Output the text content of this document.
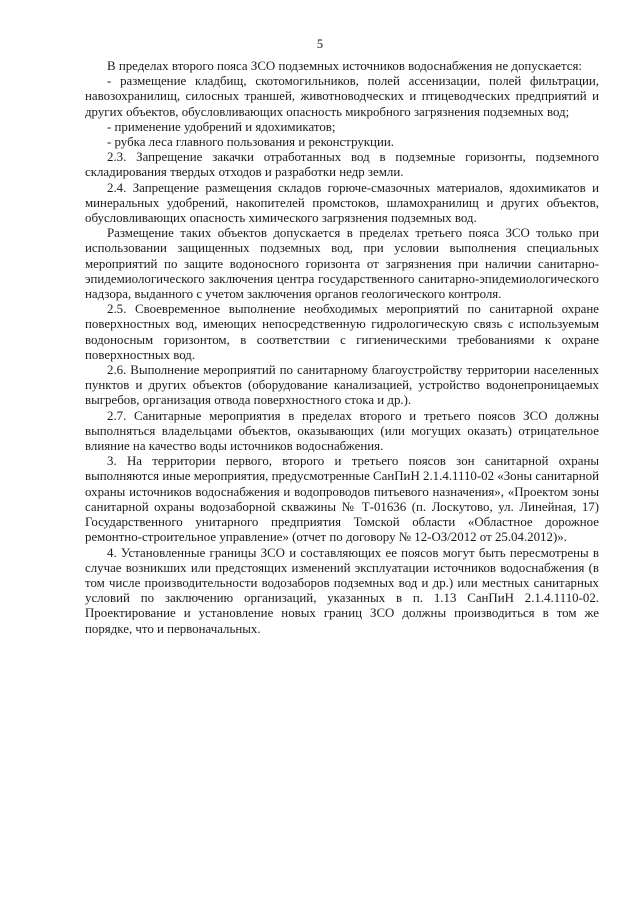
5

В пределах второго пояса ЗСО подземных источников водоснабжения не допускается:

- размещение кладбищ, скотомогильников, полей ассенизации, полей фильтрации, навозохранилищ, силосных траншей, животноводческих и птицеводческих предприятий и других объектов, обусловливающих опасность микробного загрязнения подземных вод;

- применение удобрений и ядохимикатов;

- рубка леса главного пользования и реконструкции.

2.3. Запрещение закачки отработанных вод в подземные горизонты, подземного складирования твердых отходов и разработки недр земли.

2.4. Запрещение размещения складов горюче-смазочных материалов, ядохимикатов и минеральных удобрений, накопителей промстоков, шламохранилищ и других объектов, обусловливающих опасность химического загрязнения подземных вод.

Размещение таких объектов допускается в пределах третьего пояса ЗСО только при использовании защищенных подземных вод, при условии выполнения специальных мероприятий по защите водоносного горизонта от загрязнения при наличии санитарно-эпидемиологического заключения центра государственного санитарно-эпидемиологического надзора, выданного с учетом заключения органов геологического контроля.

2.5. Своевременное выполнение необходимых мероприятий по санитарной охране поверхностных вод, имеющих непосредственную гидрологическую связь с используемым водоносным горизонтом, в соответствии с гигиеническими требованиями к охране поверхностных вод.

2.6. Выполнение мероприятий по санитарному благоустройству территории населенных пунктов и других объектов (оборудование канализацией, устройство водонепроницаемых выгребов, организация отвода поверхностного стока и др.).

2.7. Санитарные мероприятия в пределах второго и третьего поясов ЗСО должны выполняться владельцами объектов, оказывающих (или могущих оказать) отрицательное влияние на качество воды источников водоснабжения.

3. На территории первого, второго и третьего поясов зон санитарной охраны выполняются иные мероприятия, предусмотренные СанПиН 2.1.4.1110-02 «Зоны санитарной охраны источников водоснабжения и водопроводов питьевого назначения», «Проектом зоны санитарной охраны водозаборной скважины № Т-01636 (п. Лоскутово, ул. Линейная, 17) Государственного унитарного предприятия Томской области «Областное дорожное ремонтно-строительное управление» (отчет по договору № 12-ОЗ/2012 от 25.04.2012)».

4. Установленные границы ЗСО и составляющих ее поясов могут быть пересмотрены в случае возникших или предстоящих изменений эксплуатации источников водоснабжения (в том числе производительности водозаборов подземных вод и др.) или местных санитарных условий по заключению организаций, указанных в п. 1.13 СанПиН 2.1.4.1110-02. Проектирование и установление новых границ ЗСО должны производиться в том же порядке, что и первоначальных.
